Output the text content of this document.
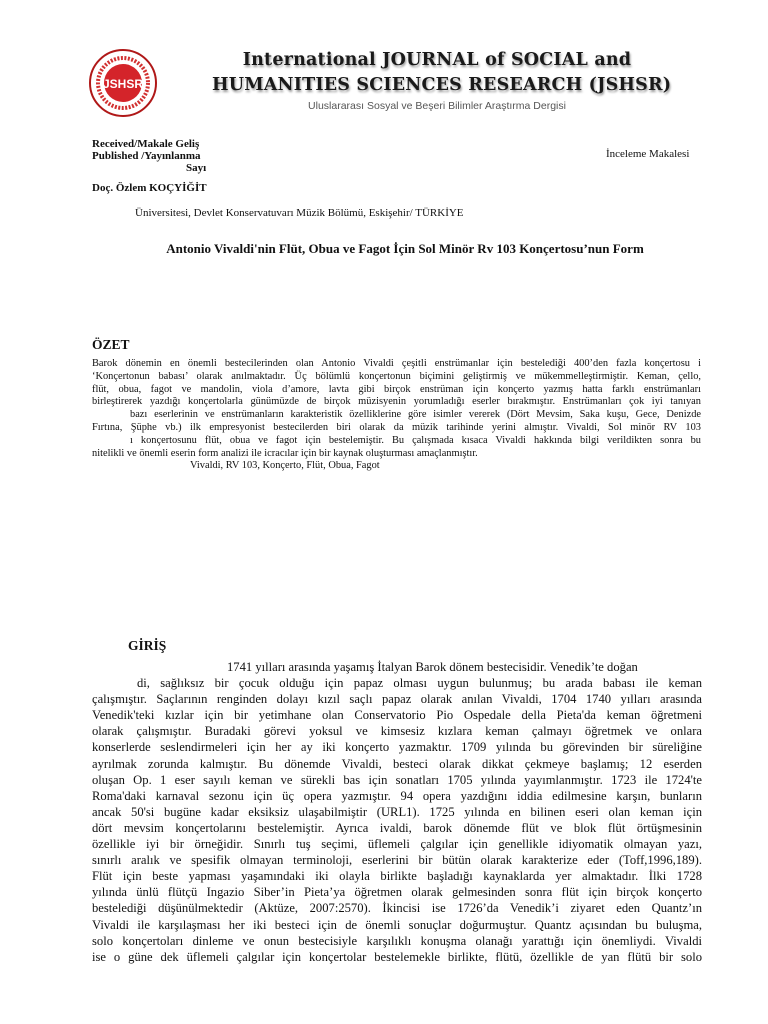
JSHSR
International JOURNAL of SOCIAL and
HUMANITIES SCIENCES RESEARCH (JSHSR)
Uluslararası Sosyal ve Beşeri Bilimler Araştırma Dergisi
Received/Makale Geliş
Published /Yayınlanma
Sayı
İnceleme Makalesi
Doç. Özlem KOÇYİĞİT
Üniversitesi, Devlet Konservatuvarı Müzik Bölümü, Eskişehir/ TÜRKİYE
Antonio Vivaldi'nin Flüt, Obua ve Fagot İçin Sol Minör Rv 103 Konçertosu’nun Form
ÖZET
Barok dönemin en önemli bestecilerinden olan Antonio Vivaldi çeşitli enstrümanlar için bestelediği 400’den fazla konçertosu i
‘Konçertonun babası’ olarak anılmaktadır. Üç bölümlü konçertonun biçimini geliştirmiş ve mükemmelleştirmiştir. Keman, çello,
flüt, obua, fagot ve mandolin, viola d’amore, lavta gibi birçok enstrüman için konçerto yazmış hatta farklı enstrümanları
birleştirerek yazdığı konçertolarla günümüzde de birçok müzisyenin yorumladığı eserler bırakmıştır. Enstrümanları çok iyi tanıyan
bazı eserlerinin ve enstrümanların karakteristik özelliklerine göre isimler vererek (Dört Mevsim, Saka kuşu, Gece, Denizde
Fırtına, Şüphe vb.) ilk empresyonist bestecilerden biri olarak da müzik tarihinde yerini almıştır. Vivaldi, Sol minör RV 103
ı konçertosunu flüt, obua ve fagot için bestelemiştir. Bu çalışmada kısaca Vivaldi hakkında bilgi verildikten sonra bu
nitelikli ve önemli eserin form analizi ile icracılar için bir kaynak oluşturması amaçlanmıştır.
Vivaldi, RV 103, Konçerto, Flüt, Obua, Fagot
GİRİŞ
1741 yılları arasında yaşamış İtalyan Barok dönem bestecisidir. Venedik’te doğan
di, sağlıksız bir çocuk olduğu için papaz olması uygun bulunmuş; bu arada babası ile keman
çalışmıştır. Saçlarının renginden dolayı kızıl saçlı papaz olarak anılan Vivaldi, 1704 1740 yılları arasında
Venedik'teki kızlar için bir yetimhane olan Conservatorio Pio Ospedale della Pieta'da keman öğretmeni
olarak çalışmıştır. Buradaki görevi yoksul ve kimsesiz kızlara keman çalmayı öğretmek ve onlara
konserlerde seslendirmeleri için her ay iki konçerto yazmaktır. 1709 yılında bu görevinden bir süreliğine
ayrılmak zorunda kalmıştır. Bu dönemde Vivaldi, besteci olarak dikkat çekmeye başlamış; 12 eserden
oluşan Op. 1 eser sayılı keman ve sürekli bas için sonatları 1705 yılında yayımlanmıştır. 1723 ile 1724'te
Roma'daki karnaval sezonu için üç opera yazmıştır. 94 opera yazdığını iddia edilmesine karşın, bunların
ancak 50'si bugüne kadar eksiksiz ulaşabilmiştir (URL1). 1725 yılında en bilinen eseri olan keman için
dört mevsim konçertolarını bestelemiştir. Ayrıca ivaldi, barok dönemde flüt ve blok flüt örtüşmesinin
özellikle iyi bir örneğidir. Sınırlı tuş seçimi, üflemeli çalgılar için genellikle idiyomatik olmayan yazı,
sınırlı aralık ve spesifik olmayan terminoloji, eserlerini bir bütün olarak karakterize eder (Toff,1996,189).
Flüt için beste yapması yaşamındaki iki olayla birlikte başladığı kaynaklarda yer almaktadır. İlki 1728
yılında ünlü flütçü Ingazio Siber’in Pieta’ya öğretmen olarak gelmesinden sonra flüt için birçok konçerto
bestelediği düşünülmektedir (Aktüze, 2007:2570). İkincisi ise 1726’da Venedik’i ziyaret eden Quantz’ın
Vivaldi ile karşılaşması her iki besteci için de önemli sonuçlar doğurmuştur. Quantz açısından bu buluşma,
solo konçertoları dinleme ve onun bestecisiyle karşılıklı konuşma olanağı yarattığı için önemliydi. Vivaldi
ise o güne dek üflemeli çalgılar için konçertolar bestelemekle birlikte, flütü, özellikle de yan flütü bir solo
